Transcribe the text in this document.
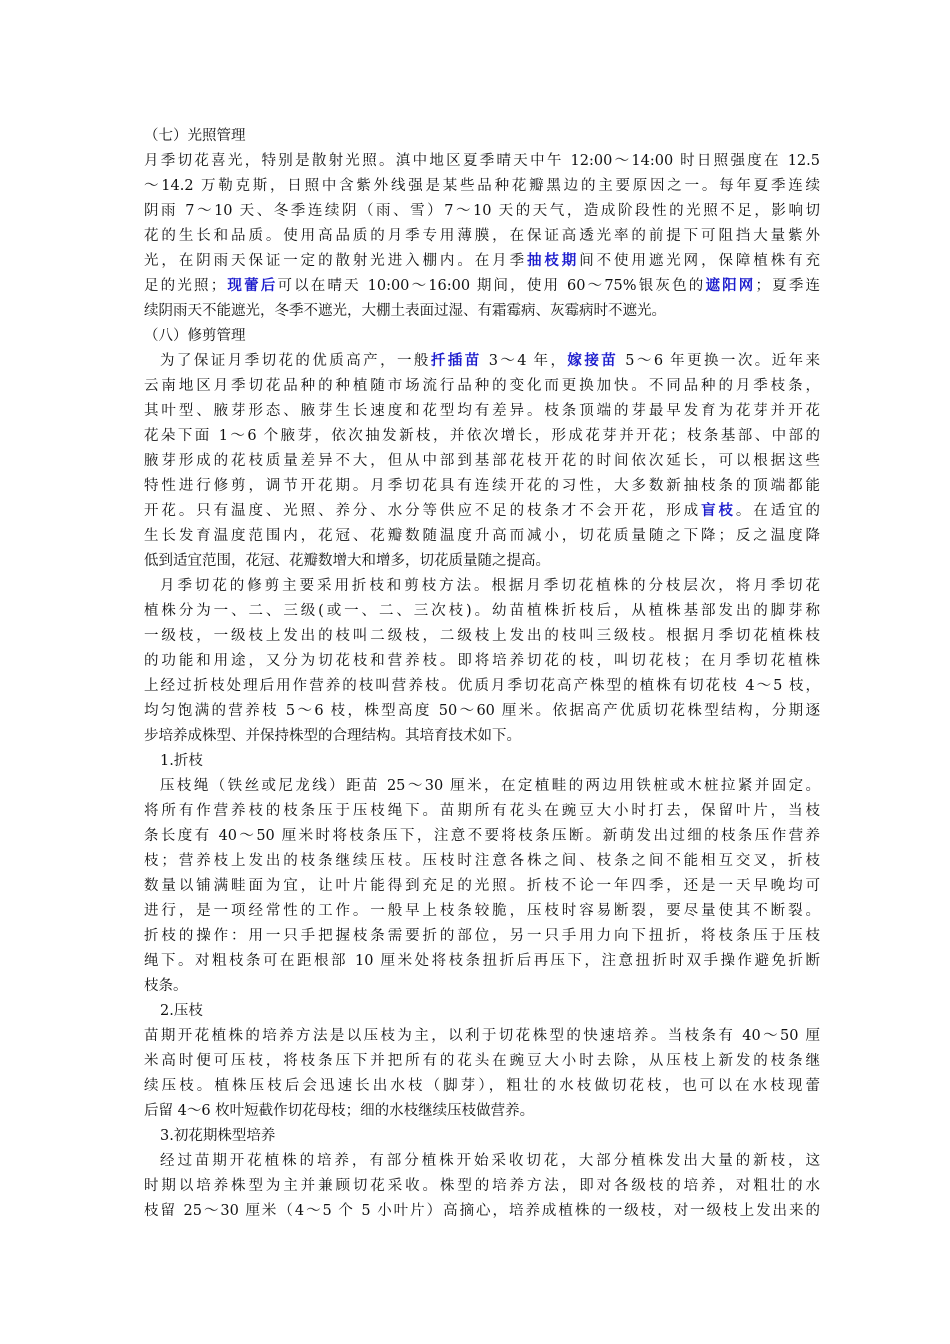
（七）光照管理
月季切花喜光，特别是散射光照。滇中地区夏季晴天中午 12:00～14:00 时日照强度在 12.5
～14.2 万勒克斯，日照中含紫外线强是某些品种花瓣黑边的主要原因之一。每年夏季连续
阴雨 7～10 天、冬季连续阴（雨、雪）7～10 天的天气，造成阶段性的光照不足，影响切
花的生长和品质。使用高品质的月季专用薄膜，在保证高透光率的前提下可阻挡大量紫外
光，在阴雨天保证一定的散射光进入棚内。在月季抽枝期间不使用遮光网，保障植株有充
足的光照；现蕾后可以在晴天 10:00～16:00 期间，使用 60～75%银灰色的遮阳网；夏季连
续阴雨天不能遮光，冬季不遮光，大棚土表面过湿、有霜霉病、灰霉病时不遮光。
（八）修剪管理
为了保证月季切花的优质高产，一般扦插苗 3～4 年，嫁接苗 5～6 年更换一次。近年来
云南地区月季切花品种的种植随市场流行品种的变化而更换加快。不同品种的月季枝条，
其叶型、腋芽形态、腋芽生长速度和花型均有差异。枝条顶端的芽最早发育为花芽并开花
花朵下面 1～6 个腋芽，依次抽发新枝，并依次增长，形成花芽并开花；枝条基部、中部的
腋芽形成的花枝质量差异不大，但从中部到基部花枝开花的时间依次延长，可以根据这些
特性进行修剪，调节开花期。月季切花具有连续开花的习性，大多数新抽枝条的顶端都能
开花。只有温度、光照、养分、水分等供应不足的枝条才不会开花，形成盲枝。在适宜的
生长发育温度范围内，花冠、花瓣数随温度升高而减小，切花质量随之下降；反之温度降
低到适宜范围，花冠、花瓣数增大和增多，切花质量随之提高。
月季切花的修剪主要采用折枝和剪枝方法。根据月季切花植株的分枝层次，将月季切花
植株分为一、二、三级(或一、二、三次枝)。幼苗植株折枝后，从植株基部发出的脚芽称
一级枝，一级枝上发出的枝叫二级枝，二级枝上发出的枝叫三级枝。根据月季切花植株枝
的功能和用途，又分为切花枝和营养枝。即将培养切花的枝，叫切花枝；在月季切花植株
上经过折枝处理后用作营养的枝叫营养枝。优质月季切花高产株型的植株有切花枝 4～5 枝，
均匀饱满的营养枝 5～6 枝，株型高度 50～60 厘米。依据高产优质切花株型结构，分期逐
步培养成株型、并保持株型的合理结构。其培育技术如下。
1.折枝
压枝绳（铁丝或尼龙线）距苗 25～30 厘米，在定植畦的两边用铁桩或木桩拉紧并固定。
将所有作营养枝的枝条压于压枝绳下。苗期所有花头在豌豆大小时打去，保留叶片，当枝
条长度有 40～50 厘米时将枝条压下，注意不要将枝条压断。新萌发出过细的枝条压作营养
枝；营养枝上发出的枝条继续压枝。压枝时注意各株之间、枝条之间不能相互交叉，折枝
数量以铺满畦面为宜，让叶片能得到充足的光照。折枝不论一年四季，还是一天早晚均可
进行，是一项经常性的工作。一般早上枝条较脆，压枝时容易断裂，要尽量使其不断裂。
折枝的操作：用一只手把握枝条需要折的部位，另一只手用力向下扭折，将枝条压于压枝
绳下。对粗枝条可在距根部 10 厘米处将枝条扭折后再压下，注意扭折时双手操作避免折断
枝条。
2.压枝
苗期开花植株的培养方法是以压枝为主，以利于切花株型的快速培养。当枝条有 40～50 厘
米高时便可压枝，将枝条压下并把所有的花头在豌豆大小时去除，从压枝上新发的枝条继
续压枝。植株压枝后会迅速长出水枝（脚芽），粗壮的水枝做切花枝，也可以在水枝现蕾
后留 4～6 枚叶短截作切花母枝；细的水枝继续压枝做营养。
3.初花期株型培养
经过苗期开花植株的培养，有部分植株开始采收切花，大部分植株发出大量的新枝，这
时期以培养株型为主并兼顾切花采收。株型的培养方法，即对各级枝的培养，对粗壮的水
枝留 25～30 厘米（4～5 个 5 小叶片）高摘心，培养成植株的一级枝，对一级枝上发出来的
